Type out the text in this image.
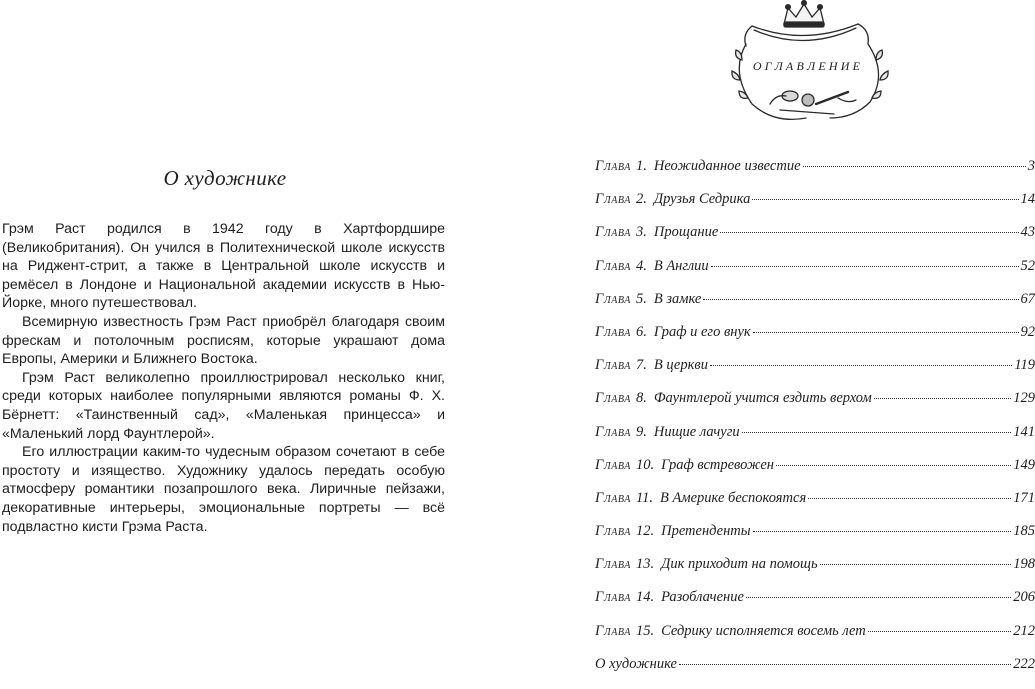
О художнике

Грэм Раст родился в 1942 году в Хартфордшире (Великобритания). Он учился в Политехнической школе искусств на Риджент-стрит, а также в Центральной школе искусств и ремёсел в Лондоне и Национальной академии искусств в Нью-Йорке, много путешествовал.

Всемирную известность Грэм Раст приобрёл благодаря своим фрескам и потолочным росписям, которые украшают дома Европы, Америки и Ближнего Востока.

Грэм Раст великолепно проиллюстрировал несколько книг, среди которых наиболее популярными являются романы Ф. Х. Бёрнетт: «Таинственный сад», «Маленькая принцесса» и «Маленький лорд Фаунтлерой».

Его иллюстрации каким-то чудесным образом сочетают в себе простоту и изящество. Художнику удалось передать особую атмосферу романтики позапрошлого века. Лиричные пейзажи, декоративные интерьеры, эмоциональные портреты — всё подвластно кисти Грэма Раста.

ОГЛАВЛЕНИЕ
Глава 1. Неожиданное известие	3
Глава 2. Друзья Седрика	14
Глава 3. Прощание	43
Глава 4. В Англии	52
Глава 5. В замке	67
Глава 6. Граф и его внук	92
Глава 7. В церкви	119
Глава 8. Фаунтлерой учится ездить верхом	129
Глава 9. Нищие лачуги	141
Глава 10. Граф встревожен	149
Глава 11. В Америке беспокоятся	171
Глава 12. Претенденты	185
Глава 13. Дик приходит на помощь	198
Глава 14. Разоблачение	206
Глава 15. Седрику исполняется восемь лет	212
О художнике	222
